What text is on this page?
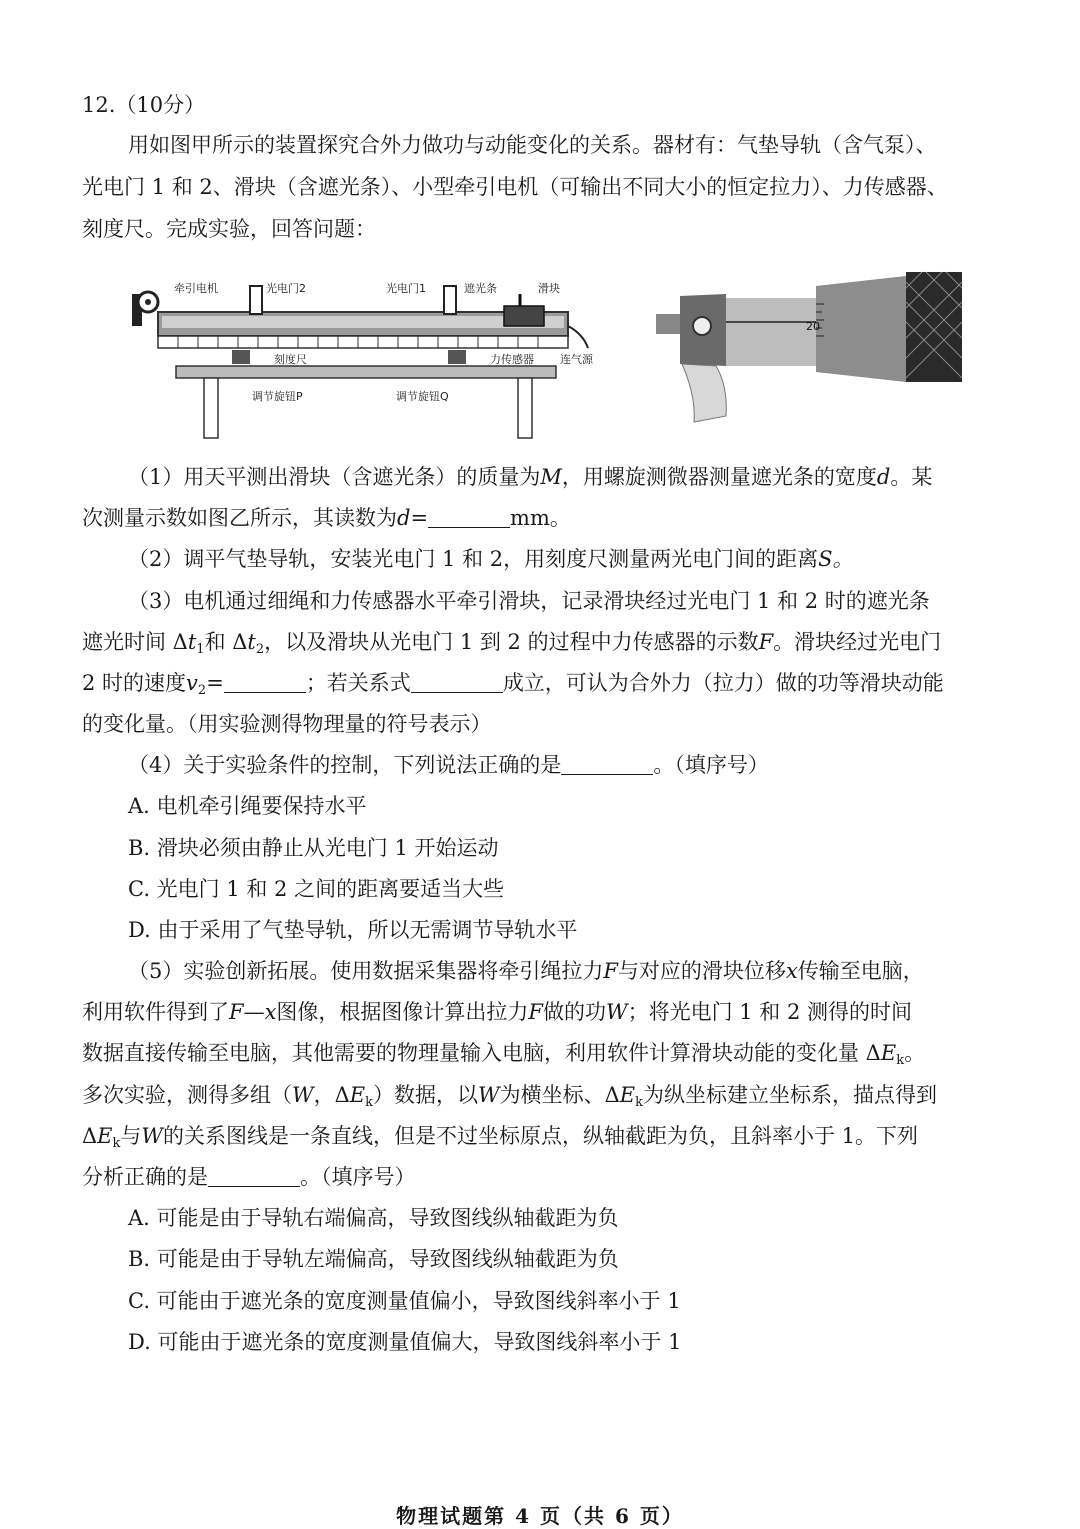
12.（10分）
用如图甲所示的装置探究合外力做功与动能变化的关系。器材有：气垫导轨（含气泵）、
光电门 1 和 2、滑块（含遮光条）、小型牵引电机（可输出不同大小的恒定拉力）、力传感器、
刻度尺。完成实验，回答问题：
牵引电机	光电门2	光电门1	遮光条	滑块
刻度尺	力传感器 连气源
调节旋钮P	调节旋钮Q
20
（1）用天平测出滑块（含遮光条）的质量为M，用螺旋测微器测量遮光条的宽度d。某
次测量示数如图乙所示，其读数为d=	mm。
（2）调平气垫导轨，安装光电门 1 和 2，用刻度尺测量两光电门间的距离S。
（3）电机通过细绳和力传感器水平牵引滑块，记录滑块经过光电门 1 和 2 时的遮光条
遮光时间 $\Delta t_1$和 $\Delta t_2$，以及滑块从光电门 1 到 2 的过程中力传感器的示数F。滑块经过光电门
2 时的速度$v_2=$	；若关系式	成立，可认为合外力（拉力）做的功等滑块动能
的变化量。（用实验测得物理量的符号表示）
（4）关于实验条件的控制，下列说法正确的是	。（填序号）
A. 电机牵引绳要保持水平
B. 滑块必须由静止从光电门 1 开始运动
C. 光电门 1 和 2 之间的距离要适当大些
D. 由于采用了气垫导轨，所以无需调节导轨水平
（5）实验创新拓展。使用数据采集器将牵引绳拉力F与对应的滑块位移x传输至电脑，
利用软件得到了F—x图像，根据图像计算出拉力F做的功W；将光电门 1 和 2 测得的时间
数据直接传输至电脑，其他需要的物理量输入电脑，利用软件计算滑块动能的变化量 $\Delta E_k$。
多次实验，测得多组（W，$\Delta E_k$）数据，以W为横坐标、$\Delta E_k$为纵坐标建立坐标系，描点得到
$\Delta E_k$与W的关系图线是一条直线，但是不过坐标原点，纵轴截距为负，且斜率小于 1。下列
分析正确的是	。（填序号）
A. 可能是由于导轨右端偏高，导致图线纵轴截距为负
B. 可能是由于导轨左端偏高，导致图线纵轴截距为负
C. 可能由于遮光条的宽度测量值偏小，导致图线斜率小于 1
D. 可能由于遮光条的宽度测量值偏大，导致图线斜率小于 1
物理试题第 4 页（共 6 页）
